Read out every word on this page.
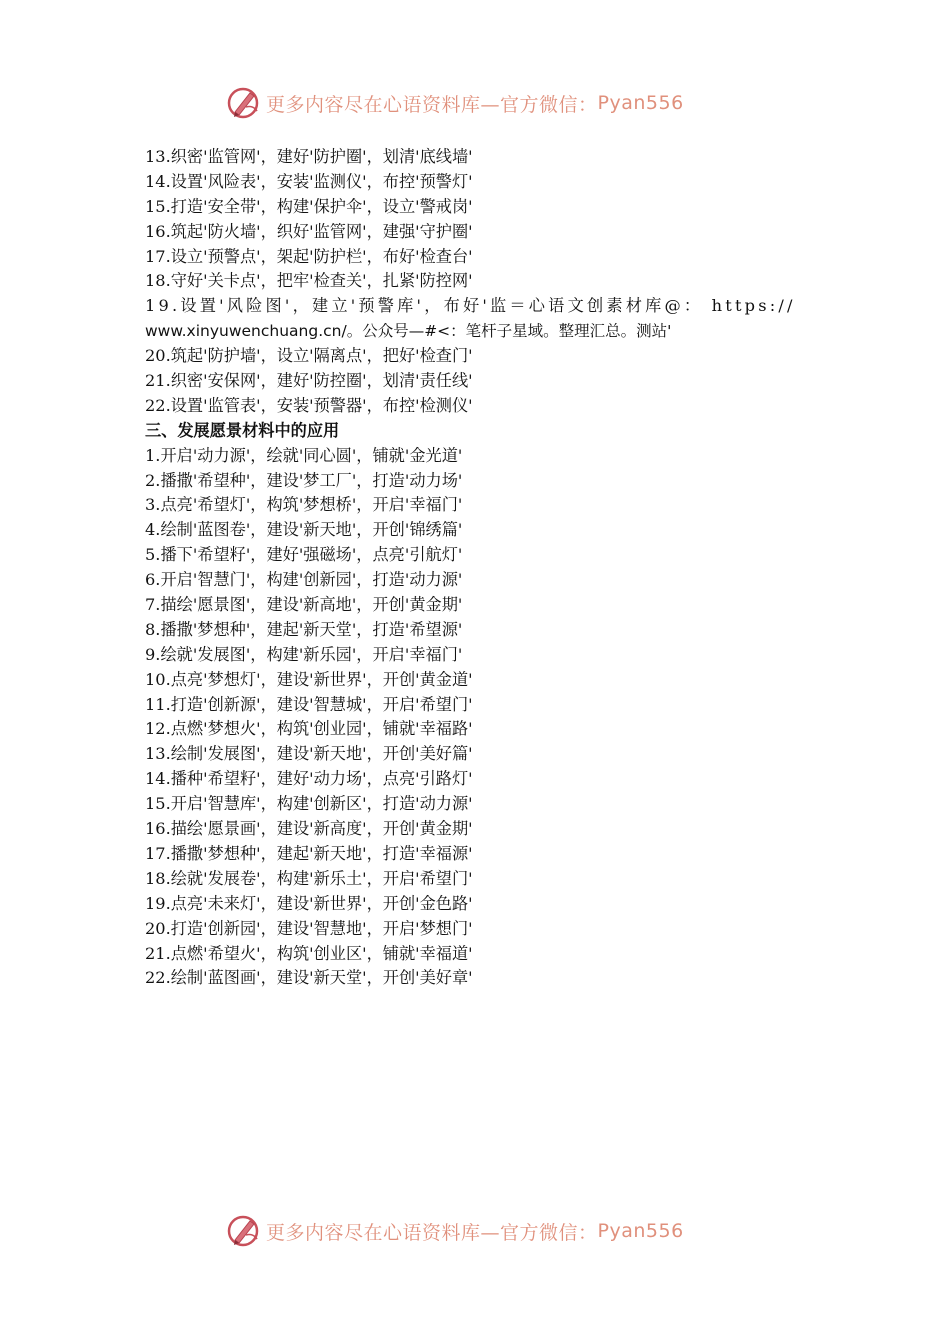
更多内容尽在心语资料库—官方微信： Pyan556
13.织密'监管网'，建好'防护圈'，划清'底线墙'
14.设置'风险表'，安装'监测仪'，布控'预警灯'
15.打造'安全带'，构建'保护伞'，设立'警戒岗'
16.筑起'防火墙'，织好'监管网'，建强'守护圈'
17.设立'预警点'，架起'防护栏'，布好'检查台'
18.守好'关卡点'，把牢'检查关'，扎紧'防控网'
19.设置'风险图'，建立'预警库'，布好'监＝心语文创素材库@： https://
www.xinyuwenchuang.cn/。公众号—#<：笔杆子星域。整理汇总。测站'
20.筑起'防护墙'，设立'隔离点'，把好'检查门'
21.织密'安保网'，建好'防控圈'，划清'责任线'
22.设置'监管表'，安装'预警器'，布控'检测仪'
三、发展愿景材料中的应用
1.开启'动力源'，绘就'同心圆'，铺就'金光道'
2.播撒'希望种'，建设'梦工厂'，打造'动力场'
3.点亮'希望灯'，构筑'梦想桥'，开启'幸福门'
4.绘制'蓝图卷'，建设'新天地'，开创'锦绣篇'
5.播下'希望籽'，建好'强磁场'，点亮'引航灯'
6.开启'智慧门'，构建'创新园'，打造'动力源'
7.描绘'愿景图'，建设'新高地'，开创'黄金期'
8.播撒'梦想种'，建起'新天堂'，打造'希望源'
9.绘就'发展图'，构建'新乐园'，开启'幸福门'
10.点亮'梦想灯'，建设'新世界'，开创'黄金道'
11.打造'创新源'，建设'智慧城'，开启'希望门'
12.点燃'梦想火'，构筑'创业园'，铺就'幸福路'
13.绘制'发展图'，建设'新天地'，开创'美好篇'
14.播种'希望籽'，建好'动力场'，点亮'引路灯'
15.开启'智慧库'，构建'创新区'，打造'动力源'
16.描绘'愿景画'，建设'新高度'，开创'黄金期'
17.播撒'梦想种'，建起'新天地'，打造'幸福源'
18.绘就'发展卷'，构建'新乐土'，开启'希望门'
19.点亮'未来灯'，建设'新世界'，开创'金色路'
20.打造'创新园'，建设'智慧地'，开启'梦想门'
21.点燃'希望火'，构筑'创业区'，铺就'幸福道'
22.绘制'蓝图画'，建设'新天堂'，开创'美好章'
更多内容尽在心语资料库—官方微信： Pyan556
